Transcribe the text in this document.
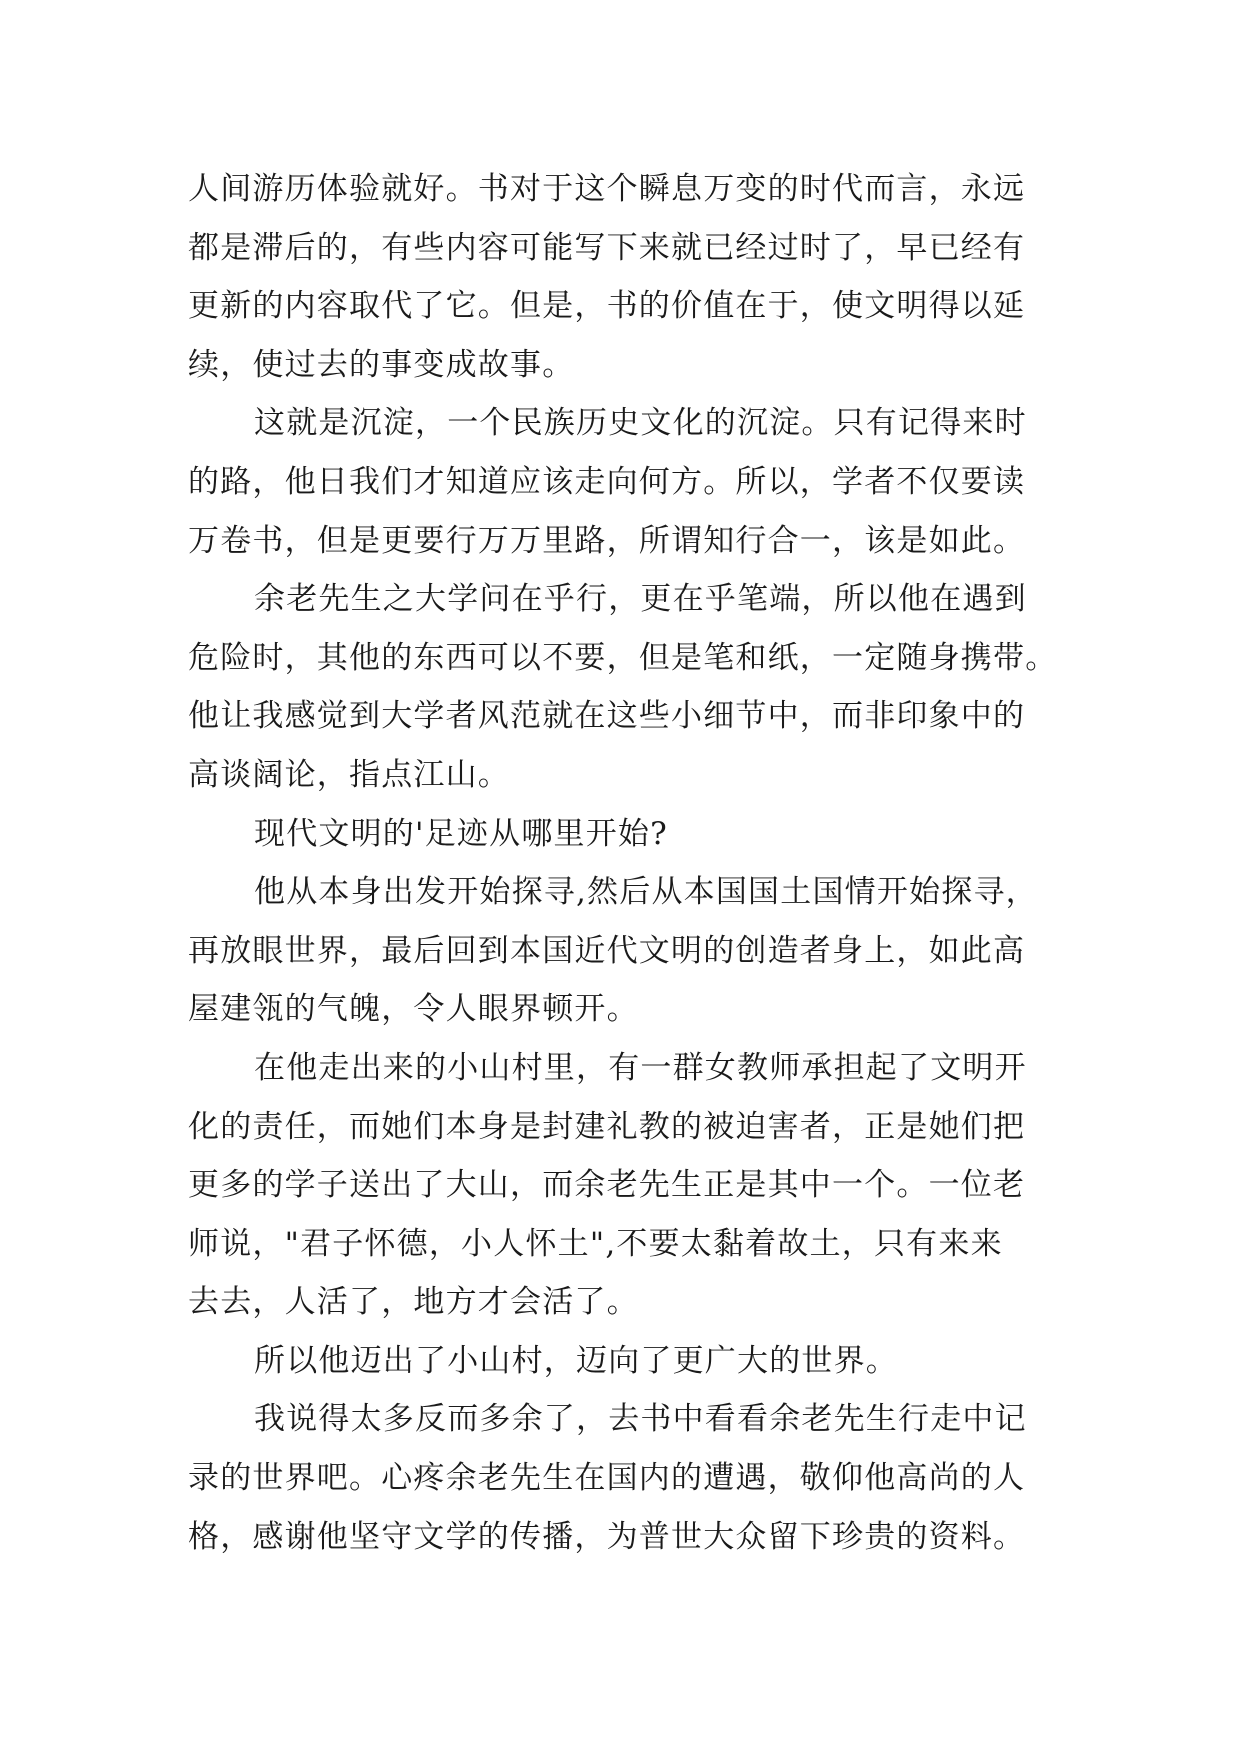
人间游历体验就好。书对于这个瞬息万变的时代而言，永远
都是滞后的，有些内容可能写下来就已经过时了，早已经有
更新的内容取代了它。但是，书的价值在于，使文明得以延
续，使过去的事变成故事。
这就是沉淀，一个民族历史文化的沉淀。只有记得来时
的路，他日我们才知道应该走向何方。所以，学者不仅要读
万卷书，但是更要行万万里路，所谓知行合一，该是如此。
余老先生之大学问在乎行，更在乎笔端，所以他在遇到
危险时，其他的东西可以不要，但是笔和纸，一定随身携带。
他让我感觉到大学者风范就在这些小细节中，而非印象中的
高谈阔论，指点江山。
现代文明的'足迹从哪里开始?
他从本身出发开始探寻,然后从本国国土国情开始探寻，
再放眼世界，最后回到本国近代文明的创造者身上，如此高
屋建瓴的气魄，令人眼界顿开。
在他走出来的小山村里，有一群女教师承担起了文明开
化的责任，而她们本身是封建礼教的被迫害者，正是她们把
更多的学子送出了大山，而余老先生正是其中一个。一位老
师说，"君子怀德，小人怀土",不要太黏着故土，只有来来
去去，人活了，地方才会活了。
所以他迈出了小山村，迈向了更广大的世界。
我说得太多反而多余了，去书中看看余老先生行走中记
录的世界吧。心疼余老先生在国内的遭遇，敬仰他高尚的人
格，感谢他坚守文学的传播，为普世大众留下珍贵的资料。
